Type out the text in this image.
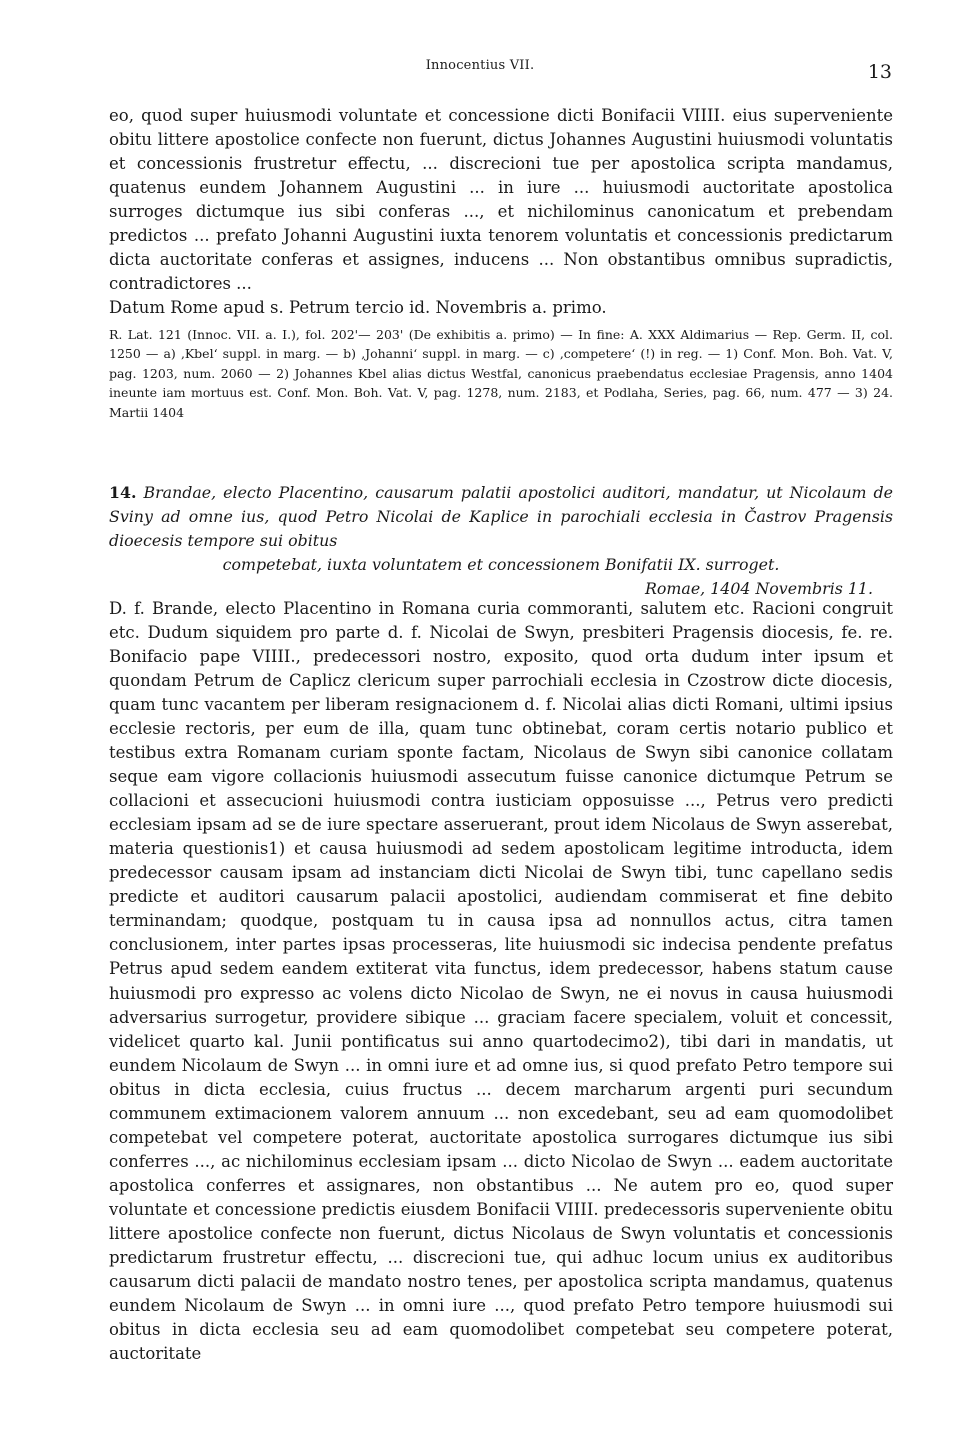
Innocentius VII.	13

eo, quod super huiusmodi voluntate et concessione dicti Bonifacii VIIII. eius superveniente obitu littere apostolice confecte non fuerunt, dictus Johannes Augustini huiusmodi voluntatis et concessionis frustretur effectu, ... discrecioni tue per apostolica scripta mandamus, quatenus eundem Johannem Augustini ... in iure ... huiusmodi auctoritate apostolica surroges dictumque ius sibi conferas ..., et nichilominus canonicatum et prebendam predictos ... prefato Johanni Augustini iuxta tenorem voluntatis et concessionis predictarum dicta auctoritate conferas et assignes, inducens ... Non obstantibus omnibus supradictis, contradictores ...

Datum Rome apud s. Petrum tercio id. Novembris a. primo.

R. Lat. 121 (Innoc. VII. a. I.), fol. 202'— 203' (De exhibitis a. primo) — In fine: A. XXX Aldimarius — Rep. Germ. II, col. 1250 — a) ‚Kbel‘ suppl. in marg. — b) ‚Johanni‘ suppl. in marg. — c) ‚competere‘ (!) in reg. — 1) Conf. Mon. Boh. Vat. V, pag. 1203, num. 2060 — 2) Johannes Kbel alias dictus Westfal, canonicus praebendatus ecclesiae Pragensis, anno 1404 ineunte iam mortuus est. Conf. Mon. Boh. Vat. V, pag. 1278, num. 2183, et Podlaha, Series, pag. 66, num. 477 — 3) 24. Martii 1404

14. Brandae, electo Placentino, causarum palatii apostolici auditori, mandatur, ut Nicolaum de Sviny ad omne ius, quod Petro Nicolai de Kaplice in parochiali ecclesia in Častrov Pragensis dioecesis tempore sui obitus

competebat, iuxta voluntatem et concessionem Bonifatii IX. surroget.

Romae, 1404 Novembris 11.

D. f. Brande, electo Placentino in Romana curia commoranti, salutem etc. Racioni congruit etc. Dudum siquidem pro parte d. f. Nicolai de Swyn, presbiteri Pragensis diocesis, fe. re. Bonifacio pape VIIII., predecessori nostro, exposito, quod orta dudum inter ipsum et quondam Petrum de Caplicz clericum super parrochiali ecclesia in Czostrow dicte diocesis, quam tunc vacantem per liberam resignacionem d. f. Nicolai alias dicti Romani, ultimi ipsius ecclesie rectoris, per eum de illa, quam tunc obtinebat, coram certis notario publico et testibus extra Romanam curiam sponte factam, Nicolaus de Swyn sibi canonice collatam seque eam vigore collacionis huiusmodi assecutum fuisse canonice dictumque Petrum se collacioni et assecucioni huiusmodi contra iusticiam opposuisse ..., Petrus vero predicti ecclesiam ipsam ad se de iure spectare asseruerant, prout idem Nicolaus de Swyn asserebat, materia questionis1) et causa huiusmodi ad sedem apostolicam legitime introducta, idem predecessor causam ipsam ad instanciam dicti Nicolai de Swyn tibi, tunc capellano sedis predicte et auditori causarum palacii apostolici, audiendam commiserat et fine debito terminandam; quodque, postquam tu in causa ipsa ad nonnullos actus, citra tamen conclusionem, inter partes ipsas processeras, lite huiusmodi sic indecisa pendente prefatus Petrus apud sedem eandem extiterat vita functus, idem predecessor, habens statum cause huiusmodi pro expresso ac volens dicto Nicolao de Swyn, ne ei novus in causa huiusmodi adversarius surrogetur, providere sibique ... graciam facere specialem, voluit et concessit, videlicet quarto kal. Junii pontificatus sui anno quartodecimo2), tibi dari in mandatis, ut eundem Nicolaum de Swyn ... in omni iure et ad omne ius, si quod prefato Petro tempore sui obitus in dicta ecclesia, cuius fructus ... decem marcharum argenti puri secundum communem extimacionem valorem annuum ... non excedebant, seu ad eam quomodolibet competebat vel competere poterat, auctoritate apostolica surrogares dictumque ius sibi conferres ..., ac nichilominus ecclesiam ipsam ... dicto Nicolao de Swyn ... eadem auctoritate apostolica conferres et assignares, non obstantibus ... Ne autem pro eo, quod super voluntate et concessione predictis eiusdem Bonifacii VIIII. predecessoris superveniente obitu littere apostolice confecte non fuerunt, dictus Nicolaus de Swyn voluntatis et concessionis predictarum frustretur effectu, ... discrecioni tue, qui adhuc locum unius ex auditoribus causarum dicti palacii de mandato nostro tenes, per apostolica scripta mandamus, quatenus eundem Nicolaum de Swyn ... in omni iure ..., quod prefato Petro tempore huiusmodi sui obitus in dicta ecclesia seu ad eam quomodolibet competebat seu competere poterat, auctoritate
